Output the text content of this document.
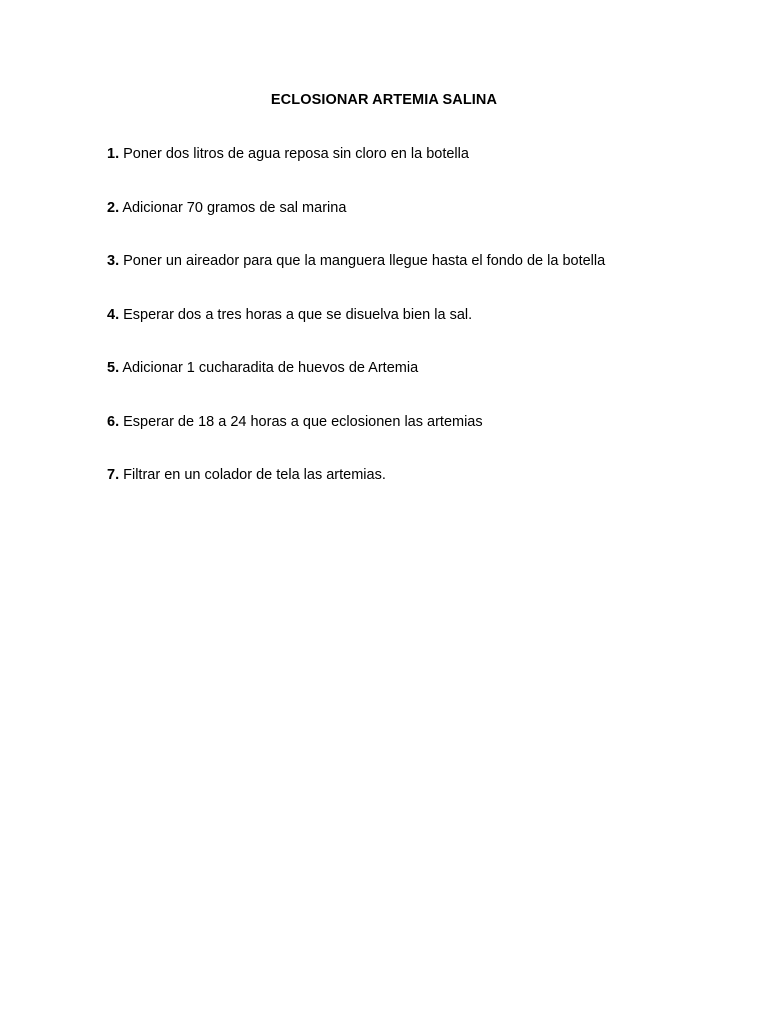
ECLOSIONAR ARTEMIA SALINA
1. Poner dos litros de agua reposa sin cloro en la botella
2. Adicionar 70 gramos de sal marina
3. Poner un aireador para que la manguera llegue hasta el fondo de la botella
4. Esperar dos a tres horas a que se disuelva bien la sal.
5. Adicionar 1 cucharadita de huevos de Artemia
6. Esperar de 18 a 24 horas a que eclosionen las artemias
7. Filtrar en un colador de tela las artemias.
